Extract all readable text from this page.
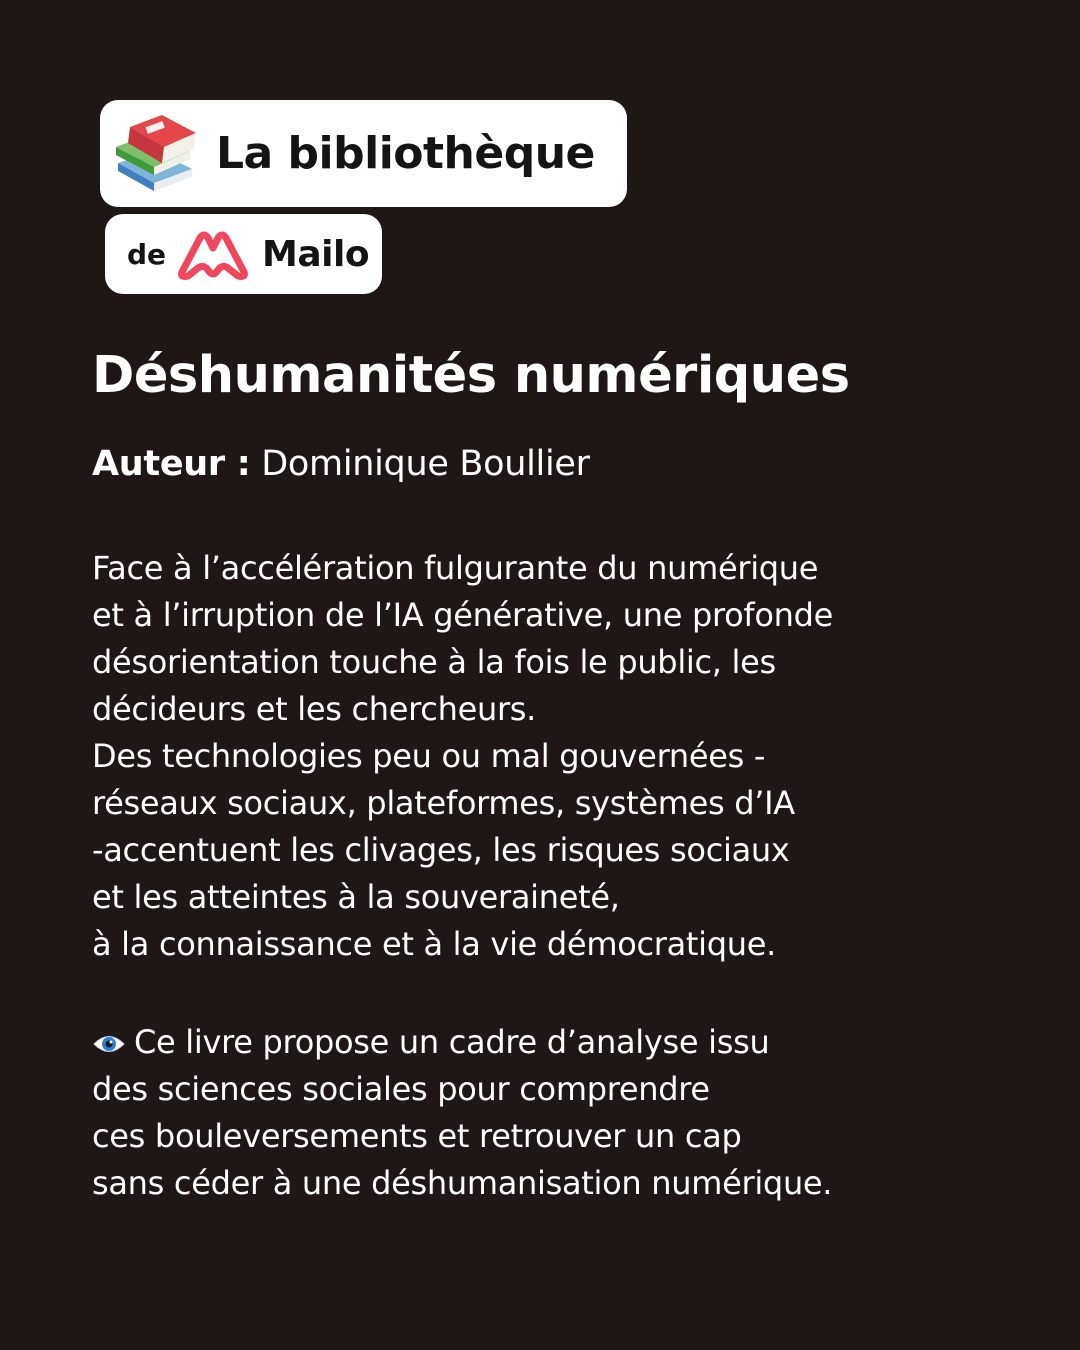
La bibliothèque
de	Mailo
Déshumanités numériques
Auteur : Dominique Boullier
Face à l’accélération fulgurante du numérique
et à l’irruption de l’IA générative, une profonde
désorientation touche à la fois le public, les
décideurs et les chercheurs.
Des technologies peu ou mal gouvernées -
réseaux sociaux, plateformes, systèmes d’IA
-accentuent les clivages, les risques sociaux
et les atteintes à la souveraineté,
à la connaissance et à la vie démocratique.
Ce livre propose un cadre d’analyse issu
des sciences sociales pour comprendre
ces bouleversements et retrouver un cap
sans céder à une déshumanisation numérique.
